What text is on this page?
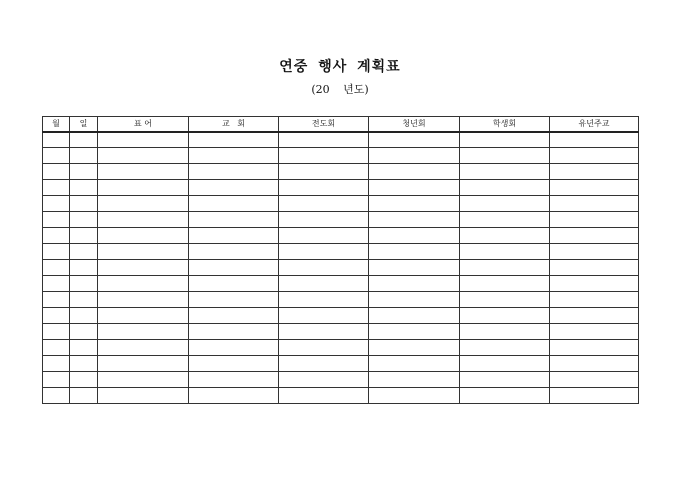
연중 행사 계획표
(20 년도)
월	일	표 어	교   회	전도회	청년회	학생회	유년주교
